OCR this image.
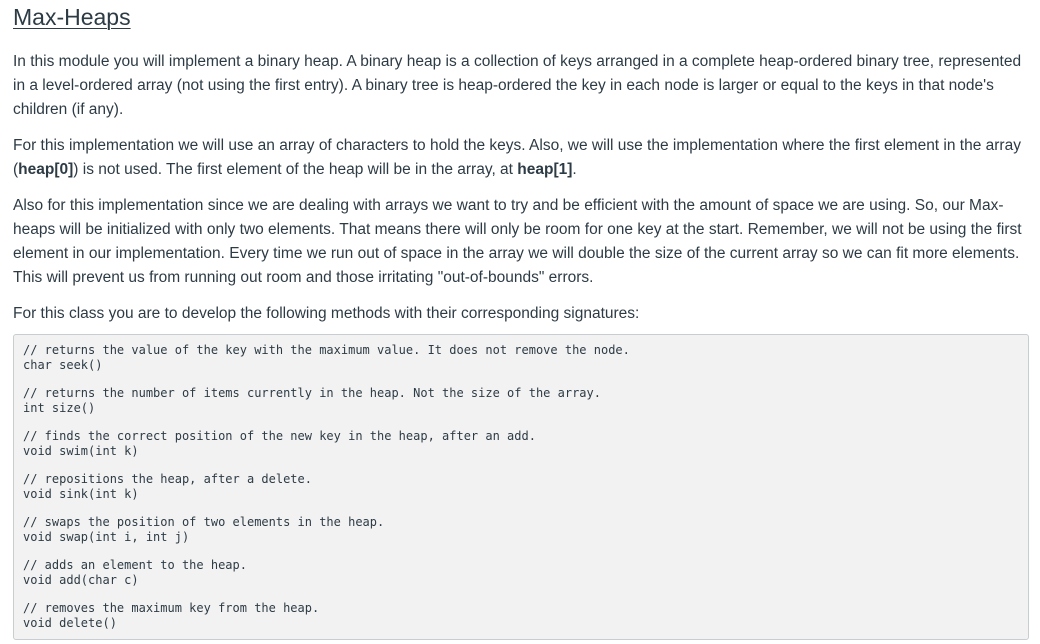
Max-Heaps

In this module you will implement a binary heap. A binary heap is a collection of keys arranged in a complete heap-ordered binary tree, represented in a level-ordered array (not using the first entry). A binary tree is heap-ordered the key in each node is larger or equal to the keys in that node's children (if any).

For this implementation we will use an array of characters to hold the keys. Also, we will use the implementation where the first element in the array (heap[0]) is not used. The first element of the heap will be in the array, at heap[1].

Also for this implementation since we are dealing with arrays we want to try and be efficient with the amount of space we are using. So, our Max-heaps will be initialized with only two elements. That means there will only be room for one key at the start. Remember, we will not be using the first element in our implementation. Every time we run out of space in the array we will double the size of the current array so we can fit more elements. This will prevent us from running out room and those irritating "out-of-bounds" errors.

For this class you are to develop the following methods with their corresponding signatures:

// returns the value of the key with the maximum value. It does not remove the node.
char seek()
// returns the number of items currently in the heap. Not the size of the array.
int size()
// finds the correct position of the new key in the heap, after an add.
void swim(int k)
// repositions the heap, after a delete.
void sink(int k)
// swaps the position of two elements in the heap.
void swap(int i, int j)
// adds an element to the heap.
void add(char c)
// removes the maximum key from the heap.
void delete()
